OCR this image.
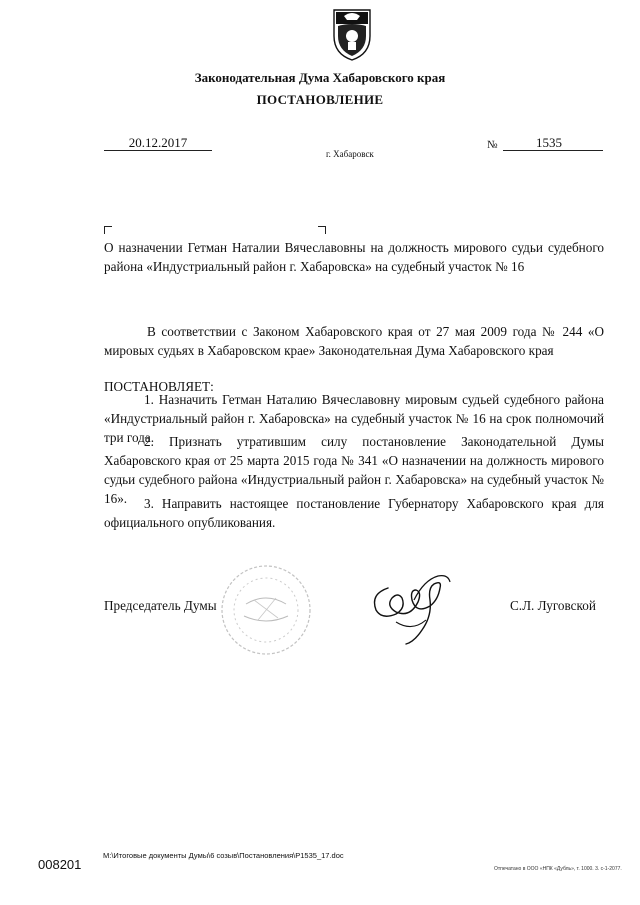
Законодательная Дума Хабаровского края
ПОСТАНОВЛЕНИЕ
20.12.2017
г. Хабаровск
№	1535
О назначении Гетман Наталии Вячеславовны на должность мирового судьи судебного района «Индустриальный район г. Хабаровска» на судебный участок № 16
В соответствии с Законом Хабаровского края от 27 мая 2009 года № 244 «О мировых судьях в Хабаровском крае» Законодательная Дума Хабаровского края
ПОСТАНОВЛЯЕТ:
1. Назначить Гетман Наталию Вячеславовну мировым судьей судебного района «Индустриальный район г. Хабаровска» на судебный участок № 16 на срок полномочий три года.
2. Признать утратившим силу постановление Законодательной Думы Хабаровского края от 25 марта 2015 года № 341 «О назначении на должность мирового судьи судебного района «Индустриальный район г. Хабаровска» на судебный участок № 16».	3. Направить настоящее постановление Губернатору Хабаровского края для официального опубликования.
Председатель Думы	С.Л. Луговской
M:\Итоговые документы Думы\6 созыв\Постановления\Р1535_17.doc
008201	Отпечатано в ООО «НПК «Дубль», т. 1000. 3. с-1-2077.
